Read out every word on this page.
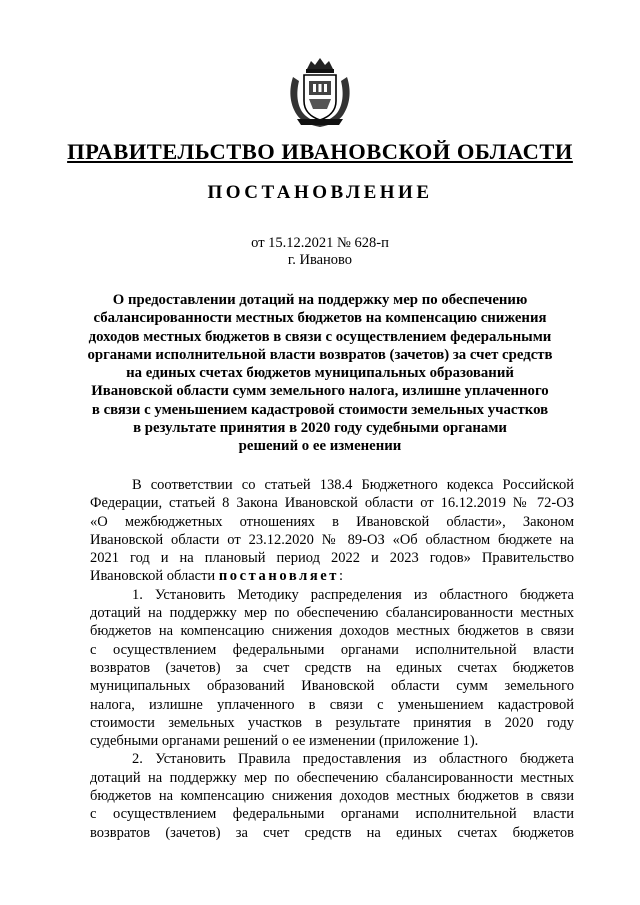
ПРАВИТЕЛЬСТВО ИВАНОВСКОЙ ОБЛАСТИ
ПОСТАНОВЛЕНИЕ
от 15.12.2021 № 628-п
г. Иваново
О предоставлении дотаций на поддержку мер по обеспечению
сбалансированности местных бюджетов на компенсацию снижения
доходов местных бюджетов в связи с осуществлением федеральными
органами исполнительной власти возвратов (зачетов) за счет средств
на единых счетах бюджетов муниципальных образований
Ивановской области сумм земельного налога, излишне уплаченного
в связи с уменьшением кадастровой стоимости земельных участков
в результате принятия в 2020 году судебными органами
решений о ее изменении
В соответствии со статьей 138.4 Бюджетного кодекса Российской
Федерации, статьей 8 Закона Ивановской области от 16.12.2019 № 72-ОЗ
«О межбюджетных отношениях в Ивановской области», Законом
Ивановской области от 23.12.2020 № 89-ОЗ «Об областном бюджете на
2021 год и на плановый период 2022 и 2023 годов» Правительство
Ивановской области постановляет:
1. Установить Методику распределения из областного бюджета
дотаций на поддержку мер по обеспечению сбалансированности местных
бюджетов на компенсацию снижения доходов местных бюджетов в связи
с осуществлением федеральными органами исполнительной власти
возвратов (зачетов) за счет средств на единых счетах бюджетов
муниципальных образований Ивановской области сумм земельного
налога, излишне уплаченного в связи с уменьшением кадастровой
стоимости земельных участков в результате принятия в 2020 году
судебными органами решений о ее изменении (приложение 1).
2. Установить Правила предоставления из областного бюджета
дотаций на поддержку мер по обеспечению сбалансированности местных
бюджетов на компенсацию снижения доходов местных бюджетов в связи
с осуществлением федеральными органами исполнительной власти
возвратов (зачетов) за счет средств на единых счетах бюджетов
